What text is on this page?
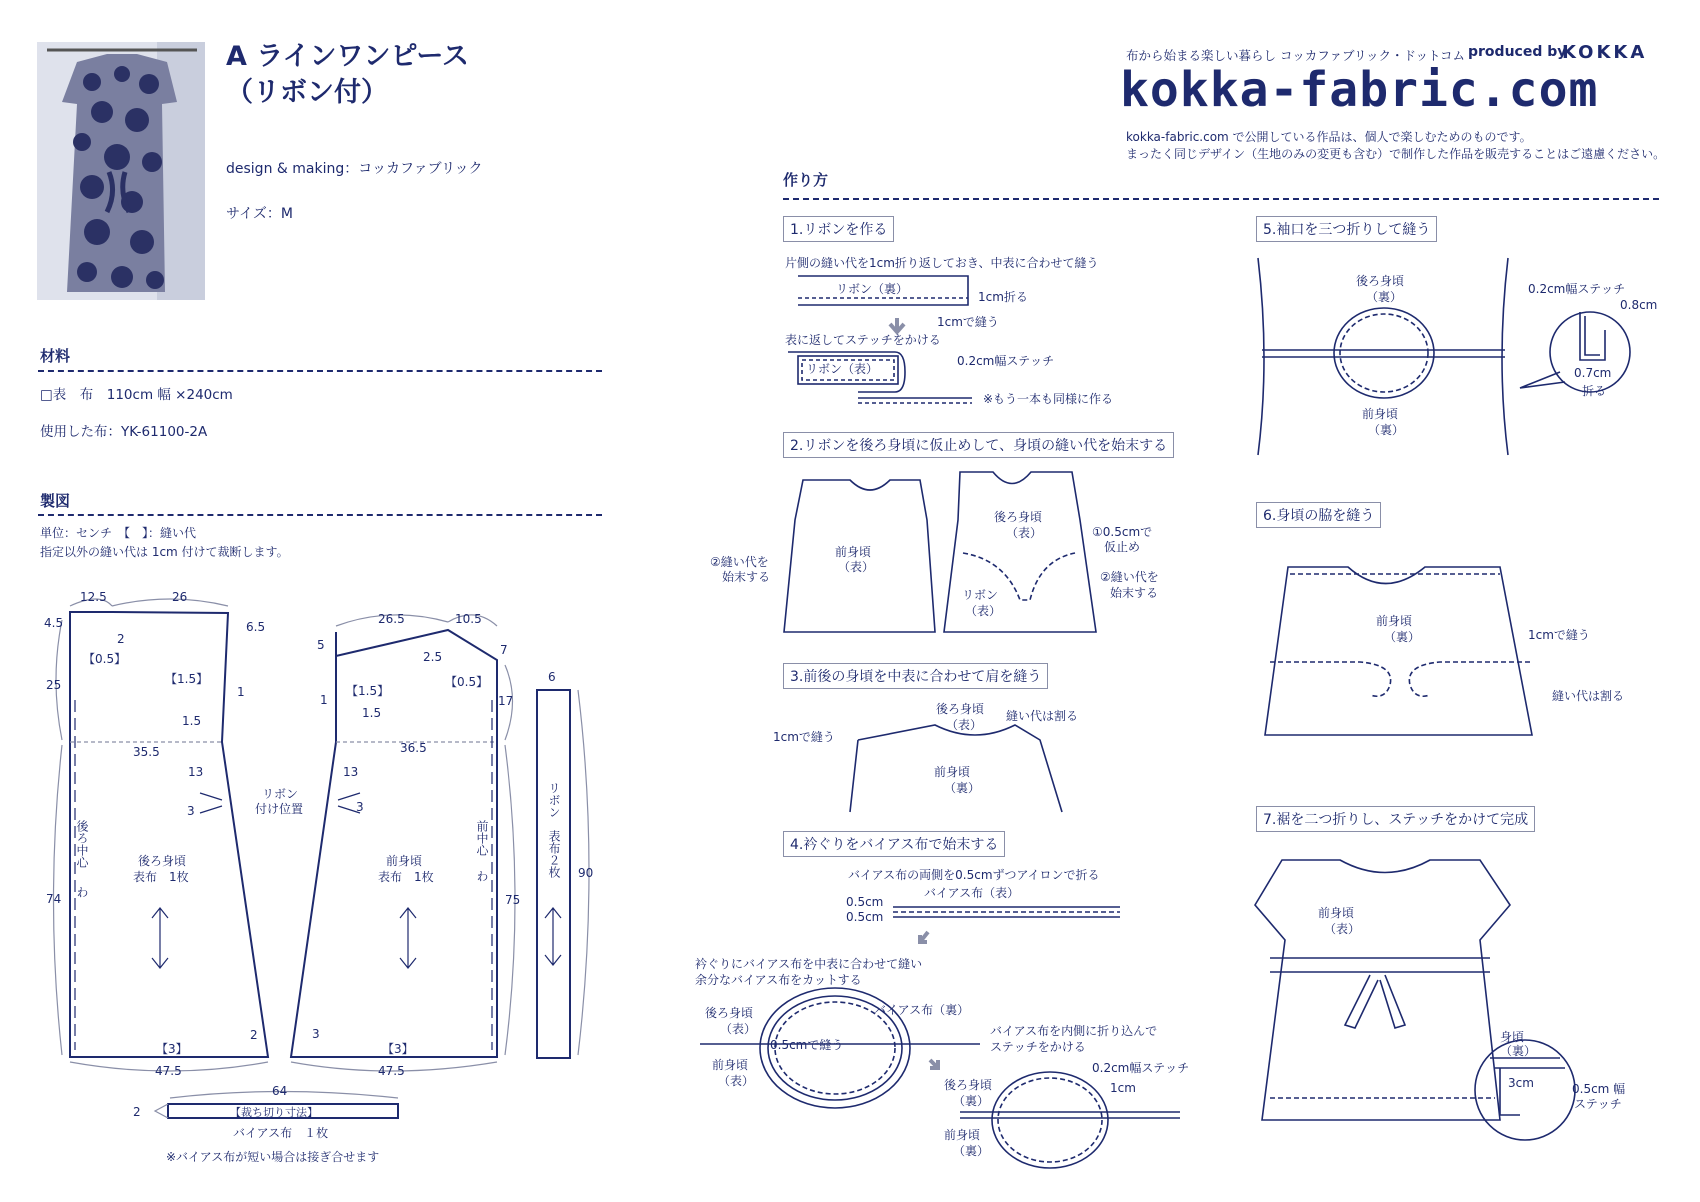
A ラインワンピース
（リボン付）
design & making：コッカファブリック
サイズ：M
布から始まる楽しい暮らし コッカファブリック・ドットコム produced by
KOKKA
kokka-fabric.com
kokka-fabric.com で公開している作品は、個人で楽しむためのものです。
まったく同じデザイン（生地のみの変更も含む）で制作した作品を販売することはご遠慮ください。
材料
□表　布　110cm 幅 ×240cm
使用した布：YK-61100-2A
製図
単位：センチ　【　】：縫い代
指定以外の縫い代は 1cm 付けて裁断します。
作り方
12.5	26
4.5
2
【0.5】
6.5
25	【1.5】
1
1.5
35.5
13
3
74
【3】
2
47.5
26.5	10.5
5
2.5	7
【0.5】
【1.5】
1
1.5
17
36.5
13
3
75
3
【3】
47.5
6
90
64
2
後ろ身頃
表布　1枚
前身頃
表布　1枚
後ろ中心
わ
前中心
わ
リボン
付け位置	リボン　表布２枚
【裁ち切り寸法】
バイアス布　１枚
※バイアス布が短い場合は接ぎ合せます
1.リボンを作る
2.リボンを後ろ身頃に仮止めして、身頃の縫い代を始末する
3.前後の身頃を中表に合わせて肩を縫う
4.衿ぐりをバイアス布で始末する
5.袖口を三つ折りして縫う
6.身頃の脇を縫う
7.裾を二つ折りし、ステッチをかけて完成
片側の縫い代を1cm折り返しておき、中表に合わせて縫う
リボン（裏）
1cm折る
1cmで縫う
表に返してステッチをかける
リボン（表）
0.2cm幅ステッチ
※もう一本も同様に作る
前身頃
（表）
②縫い代を
始末する
後ろ身頃
（表）	①0.5cmで
仮止め
②縫い代を
始末する
リボン
（表）
後ろ身頃
（表）
縫い代は割る
1cmで縫う
前身頃
（裏）
バイアス布の両側を0.5cmずつアイロンで折る
バイアス布（表）
0.5cm
0.5cm
衿ぐりにバイアス布を中表に合わせて縫い
余分なバイアス布をカットする
後ろ身頃
（表）
バイアス布（裏）
0.5cmで縫う
前身頃
（表）
バイアス布を内側に折り込んで
ステッチをかける
0.2cm幅ステッチ
1cm
後ろ身頃
（裏）
前身頃
（裏）
後ろ身頃
（裏）
前身頃
（裏）
0.2cm幅ステッチ
0.8cm
0.7cm
折る
前身頃
（裏）	1cmで縫う
縫い代は割る
前身頃
（表）
身頃
（裏）
3cm	0.5cm 幅
ステッチ
